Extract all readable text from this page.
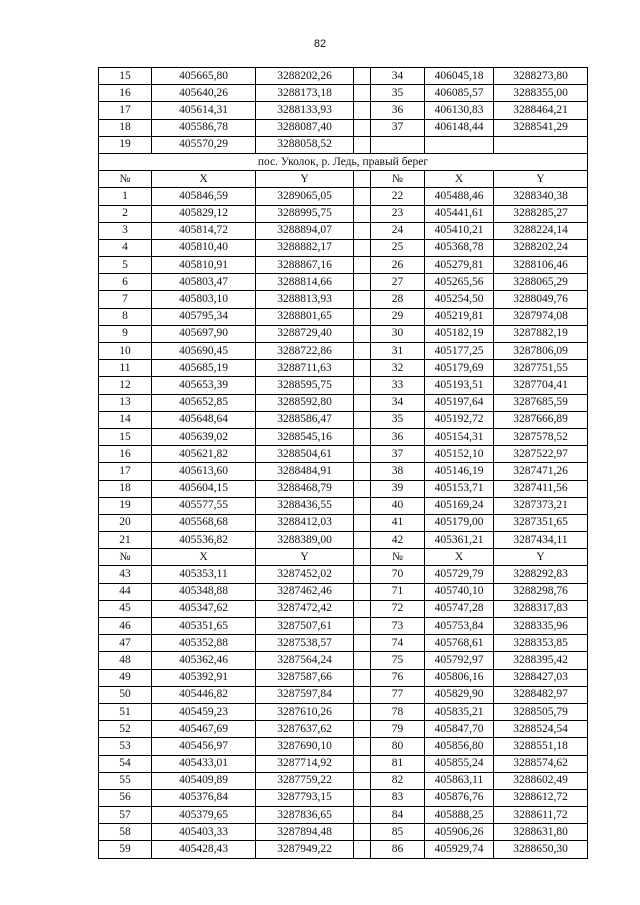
82
15	405665,80	3288202,26		34	406045,18	3288273,80
16	405640,26	3288173,18		35	406085,57	3288355,00
17	405614,31	3288133,93		36	406130,83	3288464,21
18	405586,78	3288087,40		37	406148,44	3288541,29
19	405570,29	3288058,52				
пос. Уколок, р. Ледь, правый берег						
№	X	Y		№	X	Y
1	405846,59	3289065,05		22	405488,46	3288340,38
2	405829,12	3288995,75		23	405441,61	3288285,27
3	405814,72	3288894,07		24	405410,21	3288224,14
4	405810,40	3288882,17		25	405368,78	3288202,24
5	405810,91	3288867,16		26	405279,81	3288106,46
6	405803,47	3288814,66		27	405265,56	3288065,29
7	405803,10	3288813,93		28	405254,50	3288049,76
8	405795,34	3288801,65		29	405219,81	3287974,08
9	405697,90	3288729,40		30	405182,19	3287882,19
10	405690,45	3288722,86		31	405177,25	3287806,09
11	405685,19	3288711,63		32	405179,69	3287751,55
12	405653,39	3288595,75		33	405193,51	3287704,41
13	405652,85	3288592,80		34	405197,64	3287685,59
14	405648,64	3288586,47		35	405192,72	3287666,89
15	405639,02	3288545,16		36	405154,31	3287578,52
16	405621,82	3288504,61		37	405152,10	3287522,97
17	405613,60	3288484,91		38	405146,19	3287471,26
18	405604,15	3288468,79		39	405153,71	3287411,56
19	405577,55	3288436,55		40	405169,24	3287373,21
20	405568,68	3288412,03		41	405179,00	3287351,65
21	405536,82	3288389,00		42	405361,21	3287434,11
№	X	Y		№	X	Y
43	405353,11	3287452,02		70	405729,79	3288292,83
44	405348,88	3287462,46		71	405740,10	3288298,76
45	405347,62	3287472,42		72	405747,28	3288317,83
46	405351,65	3287507,61		73	405753,84	3288335,96
47	405352,88	3287538,57		74	405768,61	3288353,85
48	405362,46	3287564,24		75	405792,97	3288395,42
49	405392,91	3287587,66		76	405806,16	3288427,03
50	405446,82	3287597,84		77	405829,90	3288482,97
51	405459,23	3287610,26		78	405835,21	3288505,79
52	405467,69	3287637,62		79	405847,70	3288524,54
53	405456,97	3287690,10		80	405856,80	3288551,18
54	405433,01	3287714,92		81	405855,24	3288574,62
55	405409,89	3287759,22		82	405863,11	3288602,49
56	405376,84	3287793,15		83	405876,76	3288612,72
57	405379,65	3287836,65		84	405888,25	3288611,72
58	405403,33	3287894,48		85	405906,26	3288631,80
59	405428,43	3287949,22		86	405929,74	3288650,30
